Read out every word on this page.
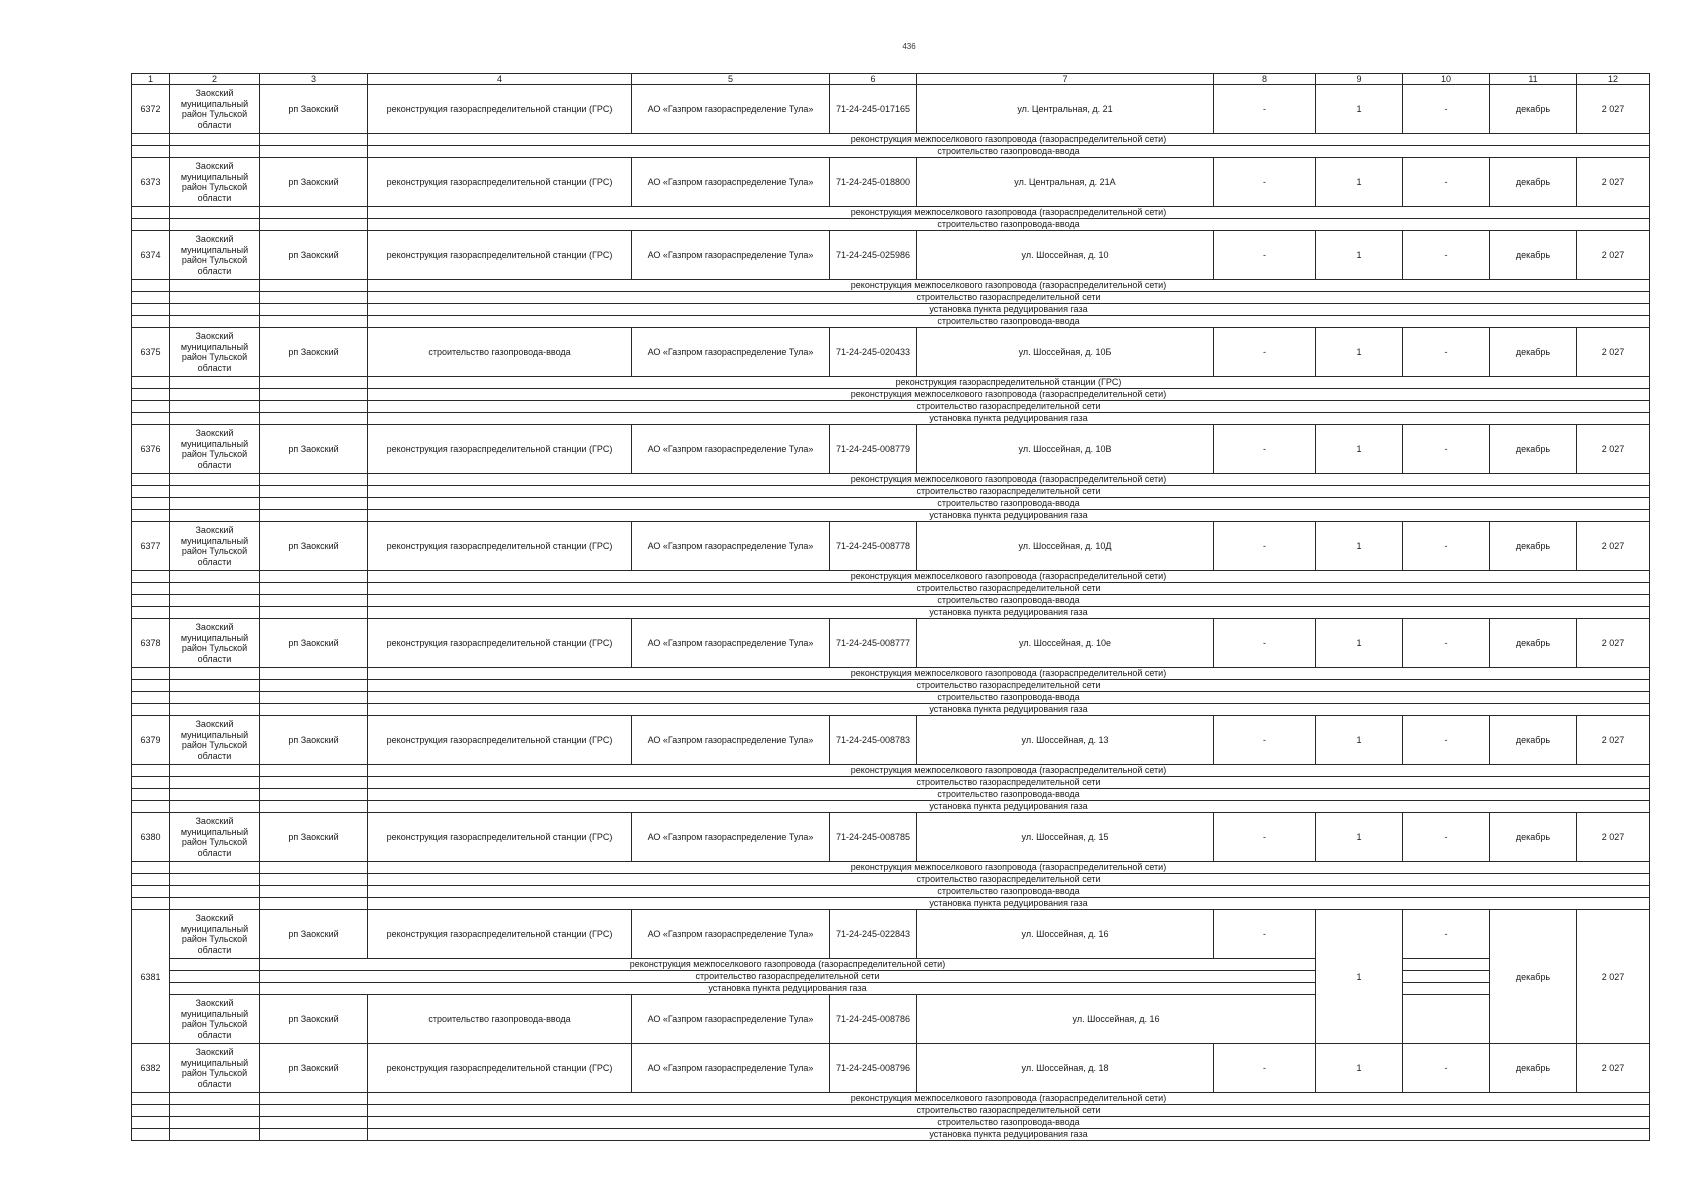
436
1	2	3	4	5	6	7	8	9	10	11	12
6372	Заокский муниципальный район Тульской области	рп Заокский	реконструкция газораспределительной станции (ГРС)	АО «Газпром газораспределение Тула»	71-24-245-017165	ул. Центральная, д. 21	-	1	-	декабрь	2 027
			реконструкция межпоселкового газопровода (газораспределительной сети)								
			строительство газопровода-ввода								
6373	Заокский муниципальный район Тульской области	рп Заокский	реконструкция газораспределительной станции (ГРС)	АО «Газпром газораспределение Тула»	71-24-245-018800	ул. Центральная, д. 21А	-	1	-	декабрь	2 027
			реконструкция межпоселкового газопровода (газораспределительной сети)								
			строительство газопровода-ввода								
6374	Заокский муниципальный район Тульской области	рп Заокский	реконструкция газораспределительной станции (ГРС)	АО «Газпром газораспределение Тула»	71-24-245-025986	ул. Шоссейная, д. 10	-	1	-	декабрь	2 027
			реконструкция межпоселкового газопровода (газораспределительной сети)								
			строительство газораспределительной сети								
			установка пункта редуцирования газа								
			строительство газопровода-ввода								
6375	Заокский муниципальный район Тульской области	рп Заокский	строительство газопровода-ввода	АО «Газпром газораспределение Тула»	71-24-245-020433	ул. Шоссейная, д. 10Б	-	1	-	декабрь	2 027
			реконструкция газораспределительной станции (ГРС)								
			реконструкция межпоселкового газопровода (газораспределительной сети)								
			строительство газораспределительной сети								
			установка пункта редуцирования газа								
6376	Заокский муниципальный район Тульской области	рп Заокский	реконструкция газораспределительной станции (ГРС)	АО «Газпром газораспределение Тула»	71-24-245-008779	ул. Шоссейная, д. 10В	-	1	-	декабрь	2 027
			реконструкция межпоселкового газопровода (газораспределительной сети)								
			строительство газораспределительной сети								
			строительство газопровода-ввода								
			установка пункта редуцирования газа								
6377	Заокский муниципальный район Тульской области	рп Заокский	реконструкция газораспределительной станции (ГРС)	АО «Газпром газораспределение Тула»	71-24-245-008778	ул. Шоссейная, д. 10Д	-	1	-	декабрь	2 027
			реконструкция межпоселкового газопровода (газораспределительной сети)								
			строительство газораспределительной сети								
			строительство газопровода-ввода								
			установка пункта редуцирования газа								
6378	Заокский муниципальный район Тульской области	рп Заокский	реконструкция газораспределительной станции (ГРС)	АО «Газпром газораспределение Тула»	71-24-245-008777	ул. Шоссейная, д. 10е	-	1	-	декабрь	2 027
			реконструкция межпоселкового газопровода (газораспределительной сети)								
			строительство газораспределительной сети								
			строительство газопровода-ввода								
			установка пункта редуцирования газа								
6379	Заокский муниципальный район Тульской области	рп Заокский	реконструкция газораспределительной станции (ГРС)	АО «Газпром газораспределение Тула»	71-24-245-008783	ул. Шоссейная, д. 13	-	1	-	декабрь	2 027
			реконструкция межпоселкового газопровода (газораспределительной сети)								
			строительство газораспределительной сети								
			строительство газопровода-ввода								
			установка пункта редуцирования газа								
6380	Заокский муниципальный район Тульской области	рп Заокский	реконструкция газораспределительной станции (ГРС)	АО «Газпром газораспределение Тула»	71-24-245-008785	ул. Шоссейная, д. 15	-	1	-	декабрь	2 027
			реконструкция межпоселкового газопровода (газораспределительной сети)								
			строительство газораспределительной сети								
			строительство газопровода-ввода								
			установка пункта редуцирования газа								
6381	Заокский муниципальный район Тульской области	рп Заокский	реконструкция газораспределительной станции (ГРС)	АО «Газпром газораспределение Тула»	71-24-245-022843	ул. Шоссейная, д. 16	-	1	-	декабрь	2 027
		реконструкция межпоселкового газопровода (газораспределительной сети)									
		строительство газораспределительной сети									
		установка пункта редуцирования газа									
	Заокский муниципальный район Тульской области	рп Заокский	строительство газопровода-ввода	АО «Газпром газораспределение Тула»	71-24-245-008786	ул. Шоссейная, д. 16					
6382	Заокский муниципальный район Тульской области	рп Заокский	реконструкция газораспределительной станции (ГРС)	АО «Газпром газораспределение Тула»	71-24-245-008796	ул. Шоссейная, д. 18	-	1	-	декабрь	2 027
			реконструкция межпоселкового газопровода (газораспределительной сети)								
			строительство газораспределительной сети								
			строительство газопровода-ввода								
			установка пункта редуцирования газа								
